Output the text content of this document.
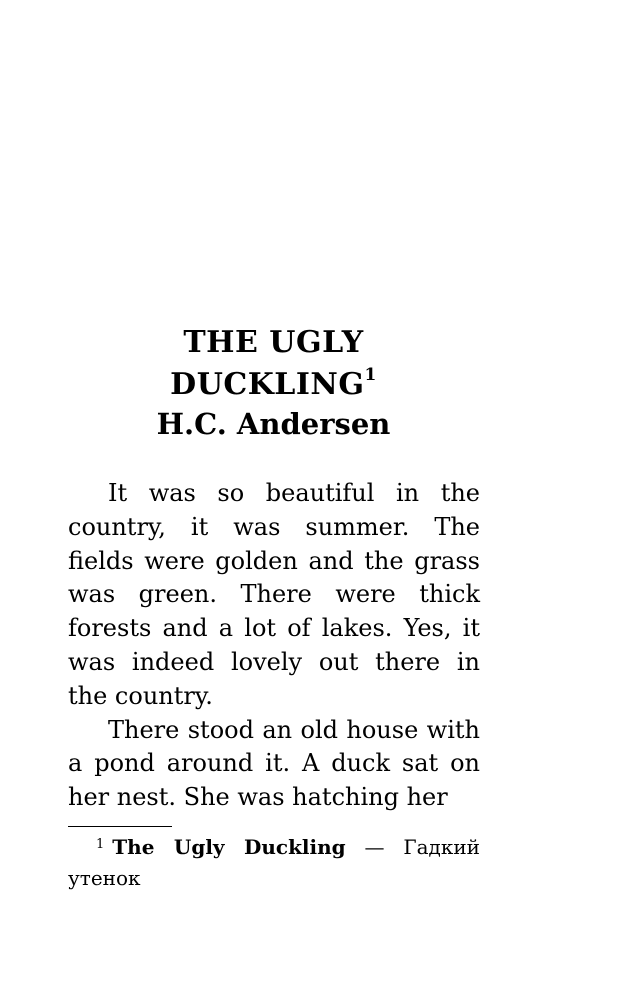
THE UGLY
DUCKLING$^1$
H.C. Andersen

It was so beautiful in the country, it was summer. The fields were golden and the grass was green. There were thick forests and a lot of lakes. Yes, it was indeed lovely out there in the country.

There stood an old house with a pond around it. A duck sat on her nest. She was hatching her

1 The Ugly Duckling — Гадкий утенок
